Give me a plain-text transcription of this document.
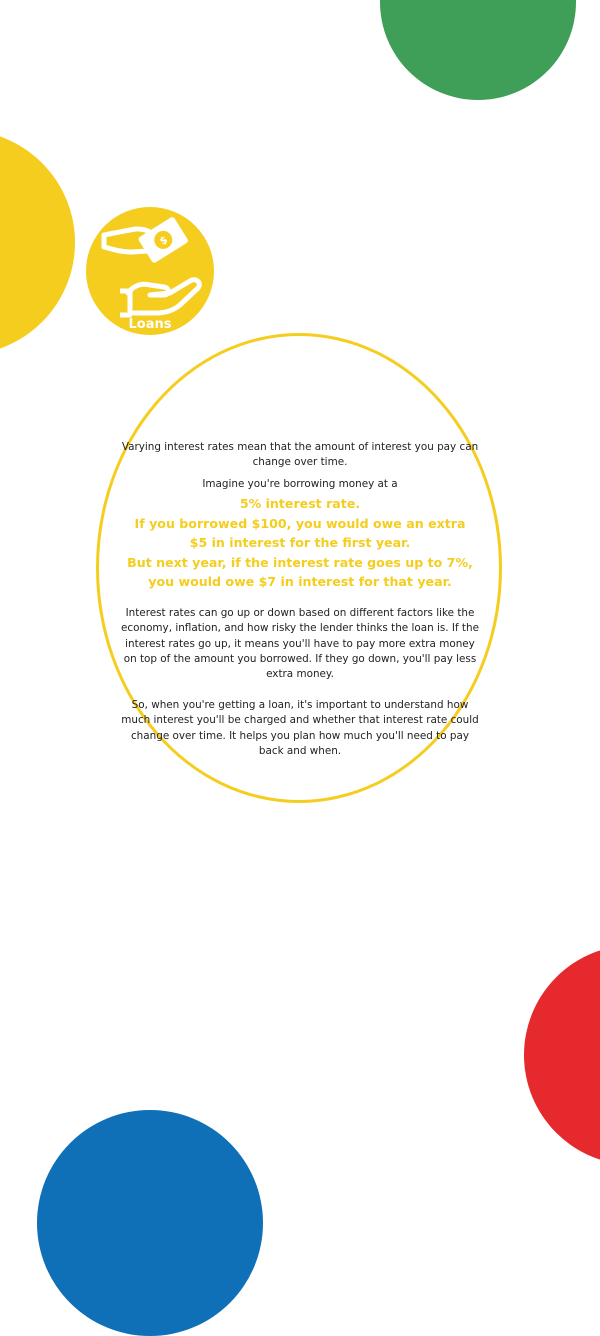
$
Loans

Varying interest rates mean that the amount of interest you pay can change over time.

Imagine you're borrowing money at a

5% interest rate.

If you borrowed $100, you would owe an extra

$5 in interest for the first year.

But next year, if the interest rate goes up to 7%,

you would owe $7 in interest for that year.

Interest rates can go up or down based on different factors like the economy, inflation, and how risky the lender thinks the loan is. If the interest rates go up, it means you'll have to pay more extra money on top of the amount you borrowed. If they go down, you'll pay less extra money.

So, when you're getting a loan, it's important to understand how much interest you'll be charged and whether that interest rate could change over time. It helps you plan how much you'll need to pay back and when.
